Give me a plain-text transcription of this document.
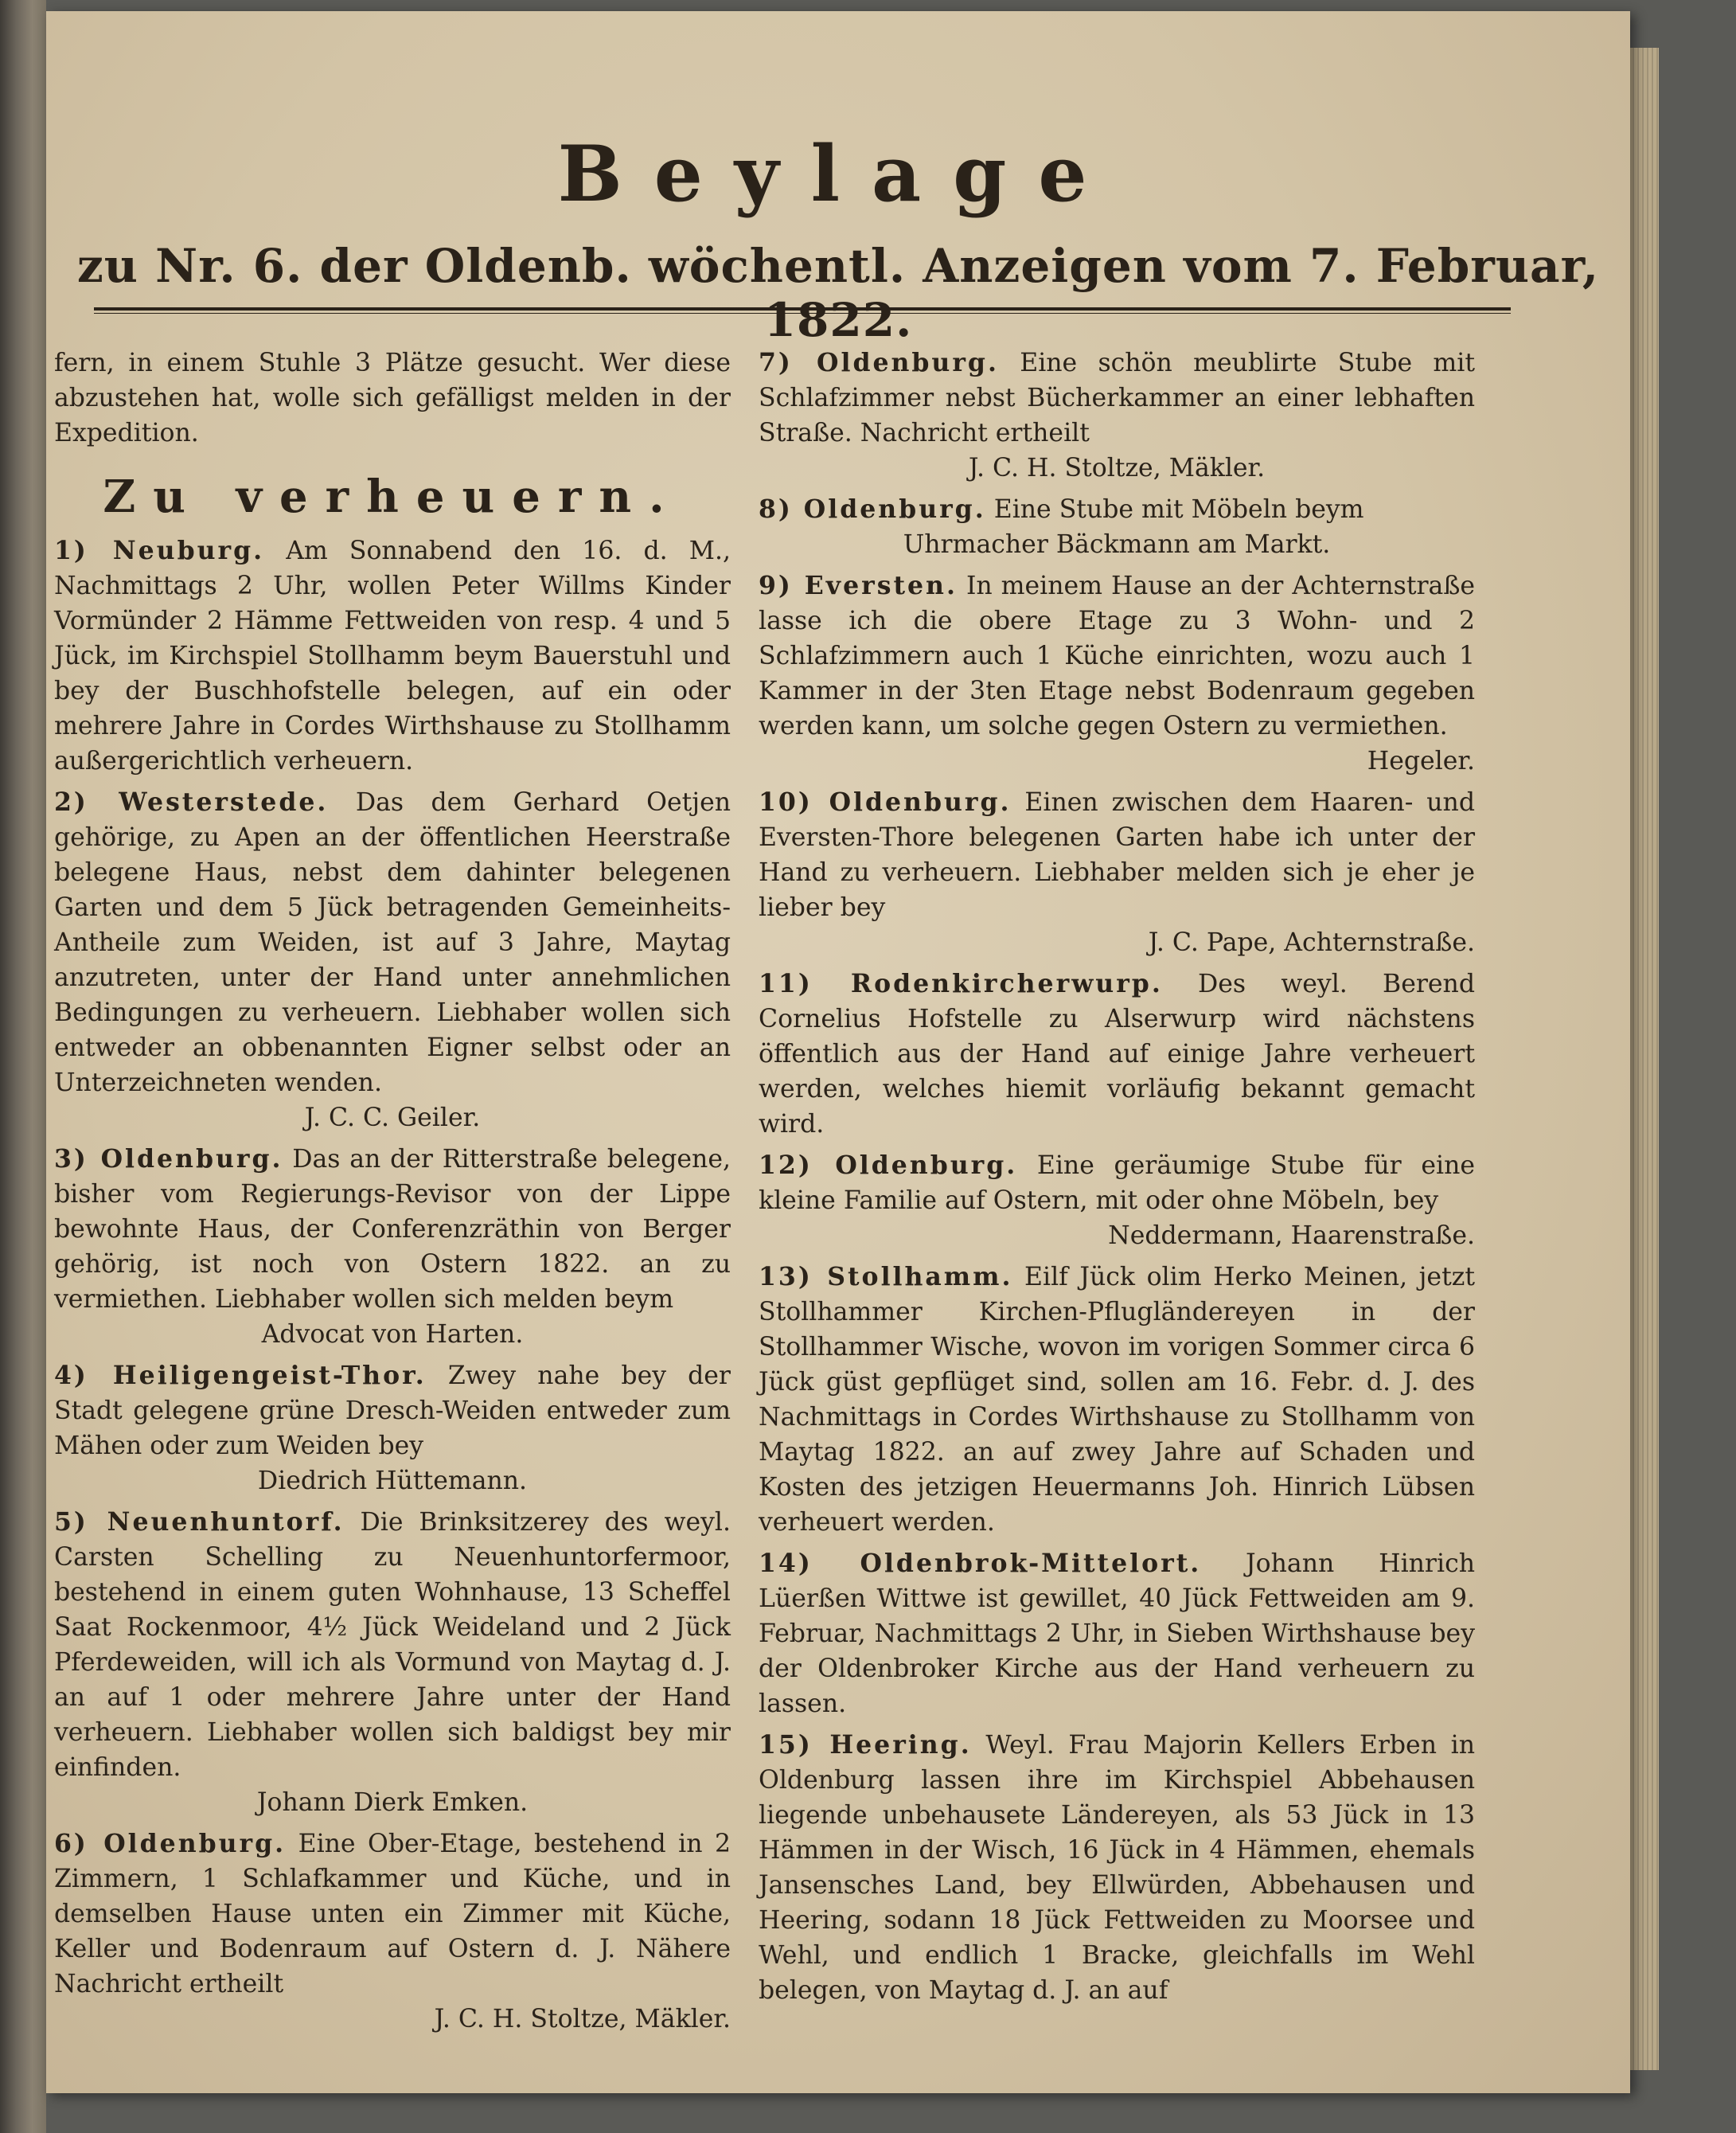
Beylage
zu Nr. 6. der Oldenb. wöchentl. Anzeigen vom 7. Februar, 1822.

fern, in einem Stuhle 3 Plätze gesucht. Wer diese abzustehen hat, wolle sich gefälligst melden in der Expedition.

Zu verheuern.

1) Neuburg. Am Sonnabend den 16. d. M., Nachmittags 2 Uhr, wollen Peter Willms Kinder Vormünder 2 Hämme Fettweiden von resp. 4 und 5 Jück, im Kirchspiel Stollhamm beym Bauerstuhl und bey der Buschhofstelle belegen, auf ein oder mehrere Jahre in Cordes Wirthshause zu Stollhamm außergerichtlich verheuern.

2) Westerstede. Das dem Gerhard Oetjen gehörige, zu Apen an der öffentlichen Heerstraße belegene Haus, nebst dem dahinter belegenen Garten und dem 5 Jück betragenden Gemeinheits-Antheile zum Weiden, ist auf 3 Jahre, Maytag anzutreten, unter der Hand unter annehmlichen Bedingungen zu verheuern. Liebhaber wollen sich entweder an obbenannten Eigner selbst oder an Unterzeichneten wenden.
J. C. C. Geiler.

3) Oldenburg. Das an der Ritterstraße belegene, bisher vom Regierungs-Revisor von der Lippe bewohnte Haus, der Conferenzräthin von Berger gehörig, ist noch von Ostern 1822. an zu vermiethen. Liebhaber wollen sich melden beym
Advocat von Harten.

4) Heiligengeist-Thor. Zwey nahe bey der Stadt gelegene grüne Dresch-Weiden entweder zum Mähen oder zum Weiden bey
Diedrich Hüttemann.

5) Neuenhuntorf. Die Brinksitzerey des weyl. Carsten Schelling zu Neuenhuntorfermoor, bestehend in einem guten Wohnhause, 13 Scheffel Saat Rockenmoor, 4½ Jück Weideland und 2 Jück Pferdeweiden, will ich als Vormund von Maytag d. J. an auf 1 oder mehrere Jahre unter der Hand verheuern. Liebhaber wollen sich baldigst bey mir einfinden.
Johann Dierk Emken.

6) Oldenburg. Eine Ober-Etage, bestehend in 2 Zimmern, 1 Schlafkammer und Küche, und in demselben Hause unten ein Zimmer mit Küche, Keller und Bodenraum auf Ostern d. J. Nähere Nachricht ertheilt
J. C. H. Stoltze, Mäkler.

7) Oldenburg. Eine schön meublirte Stube mit Schlafzimmer nebst Bücherkammer an einer lebhaften Straße. Nachricht ertheilt
J. C. H. Stoltze, Mäkler.

8) Oldenburg. Eine Stube mit Möbeln beym
Uhrmacher Bäckmann am Markt.

9) Eversten. In meinem Hause an der Achternstraße lasse ich die obere Etage zu 3 Wohn- und 2 Schlafzimmern auch 1 Küche einrichten, wozu auch 1 Kammer in der 3ten Etage nebst Bodenraum gegeben werden kann, um solche gegen Ostern zu vermiethen.
Hegeler.

10) Oldenburg. Einen zwischen dem Haaren- und Eversten-Thore belegenen Garten habe ich unter der Hand zu verheuern. Liebhaber melden sich je eher je lieber bey
J. C. Pape, Achternstraße.

11) Rodenkircherwurp. Des weyl. Berend Cornelius Hofstelle zu Alserwurp wird nächstens öffentlich aus der Hand auf einige Jahre verheuert werden, welches hiemit vorläufig bekannt gemacht wird.

12) Oldenburg. Eine geräumige Stube für eine kleine Familie auf Ostern, mit oder ohne Möbeln, bey
Neddermann, Haarenstraße.

13) Stollhamm. Eilf Jück olim Herko Meinen, jetzt Stollhammer Kirchen-Pflugländereyen in der Stollhammer Wische, wovon im vorigen Sommer circa 6 Jück güst gepflüget sind, sollen am 16. Febr. d. J. des Nachmittags in Cordes Wirthshause zu Stollhamm von Maytag 1822. an auf zwey Jahre auf Schaden und Kosten des jetzigen Heuermanns Joh. Hinrich Lübsen verheuert werden.

14) Oldenbrok-Mittelort. Johann Hinrich Lüerßen Wittwe ist gewillet, 40 Jück Fettweiden am 9. Februar, Nachmittags 2 Uhr, in Sieben Wirthshause bey der Oldenbroker Kirche aus der Hand verheuern zu lassen.

15) Heering. Weyl. Frau Majorin Kellers Erben in Oldenburg lassen ihre im Kirchspiel Abbehausen liegende unbehausete Ländereyen, als 53 Jück in 13 Hämmen in der Wisch, 16 Jück in 4 Hämmen, ehemals Jansensches Land, bey Ellwürden, Abbehausen und Heering, sodann 18 Jück Fettweiden zu Moorsee und Wehl, und endlich 1 Bracke, gleichfalls im Wehl belegen, von Maytag d. J. an auf
